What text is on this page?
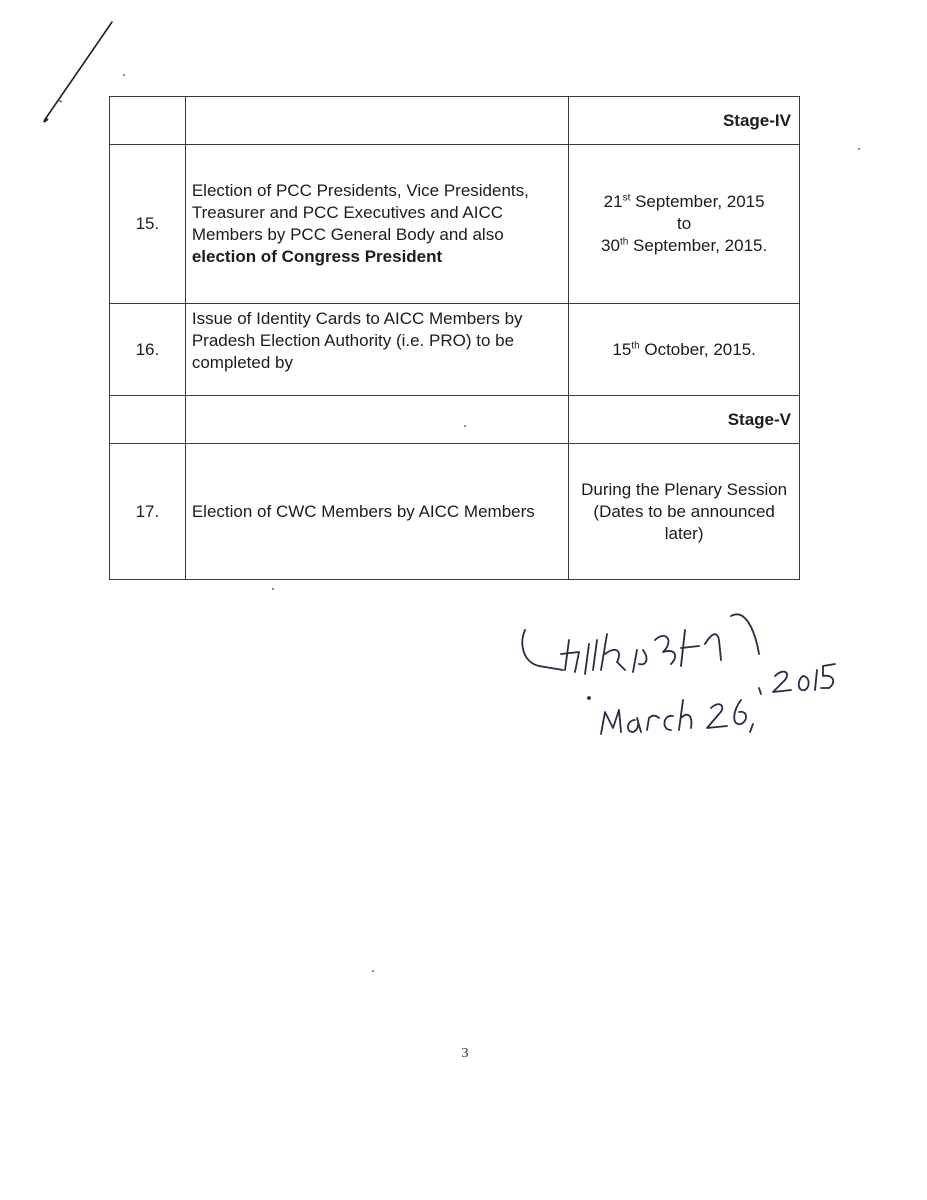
		Stage-IV
15.	Election of PCC Presidents, Vice Presidents, Treasurer and PCC Executives and AICC Members by PCC General Body and also election of Congress President	21st September, 2015
to
30th September, 2015.
16.	Issue of Identity Cards to AICC Members by Pradesh Election Authority (i.e. PRO) to be completed by	15th October, 2015.
		Stage-V
17.	Election of CWC Members by AICC Members	During the Plenary Session (Dates to be announced later)
3
